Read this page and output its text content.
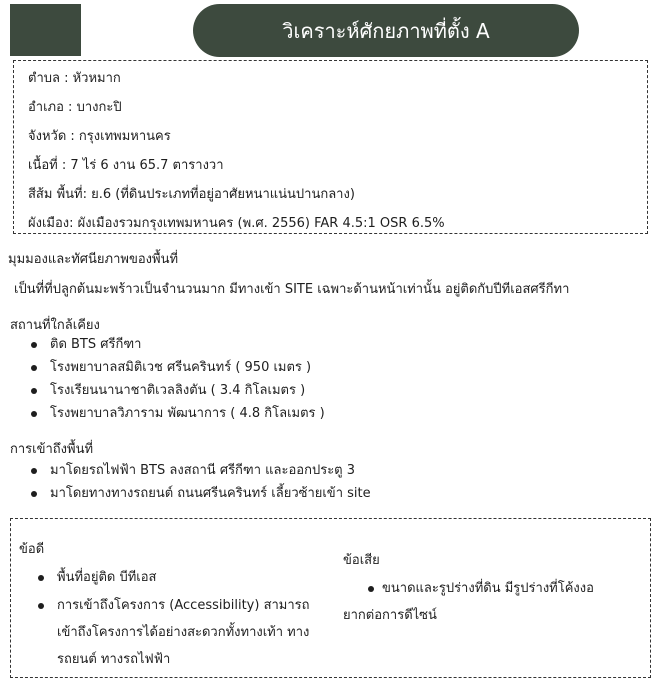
วิเคราะห์ศักยภาพที่ตั้ง A
ตำบล : หัวหมาก
อำเภอ : บางกะปิ
จังหวัด : กรุงเทพมหานคร
เนื้อที่ : 7 ไร่ 6 งาน 65.7 ตารางวา
สีส้ม พื้นที่: ย.6 (ที่ดินประเภทที่อยู่อาศัยหนาแน่นปานกลาง)
ผังเมือง: ผังเมืองรวมกรุงเทพมหานคร (พ.ศ. 2556) FAR 4.5:1 OSR 6.5%
มุมมองและทัศนียภาพของพื้นที่
เป็นที่ที่ปลูกต้นมะพร้าวเป็นจำนวนมาก มีทางเข้า SITE เฉพาะด้านหน้าเท่านั้น อยู่ติดกับปีทีเอสศรีกีทา
สถานที่ใกล้เคียง
ติด BTS ศรีกีฑา
โรงพยาบาลสมิติเวช ศรีนครินทร์ ( 950 เมตร )
โรงเรียนนานาชาติเวลลิงตัน ( 3.4 กิโลเมตร )
โรงพยาบาลวิภาราม พัฒนาการ ( 4.8 กิโลเมตร )
การเข้าถึงพื้นที่
มาโดยรถไฟฟ้า BTS ลงสถานี ศรีกีฑา และออกประตู 3
มาโดยทางทางรถยนต์ ถนนศรีนครินทร์ เลี้ยวซ้ายเข้า site
ข้อดี
พื้นที่อยู่ติด บีทีเอส
การเข้าถึงโครงการ (Accessibility) สามารถ
เข้าถึงโครงการได้อย่างสะดวกทั้งทางเท้า ทาง
รถยนต์ ทางรถไฟฟ้า
ข้อเสีย
ขนาดและรูปร่างที่ดิน มีรูปร่างที่โค้งงอ
ยากต่อการดีไซน์
